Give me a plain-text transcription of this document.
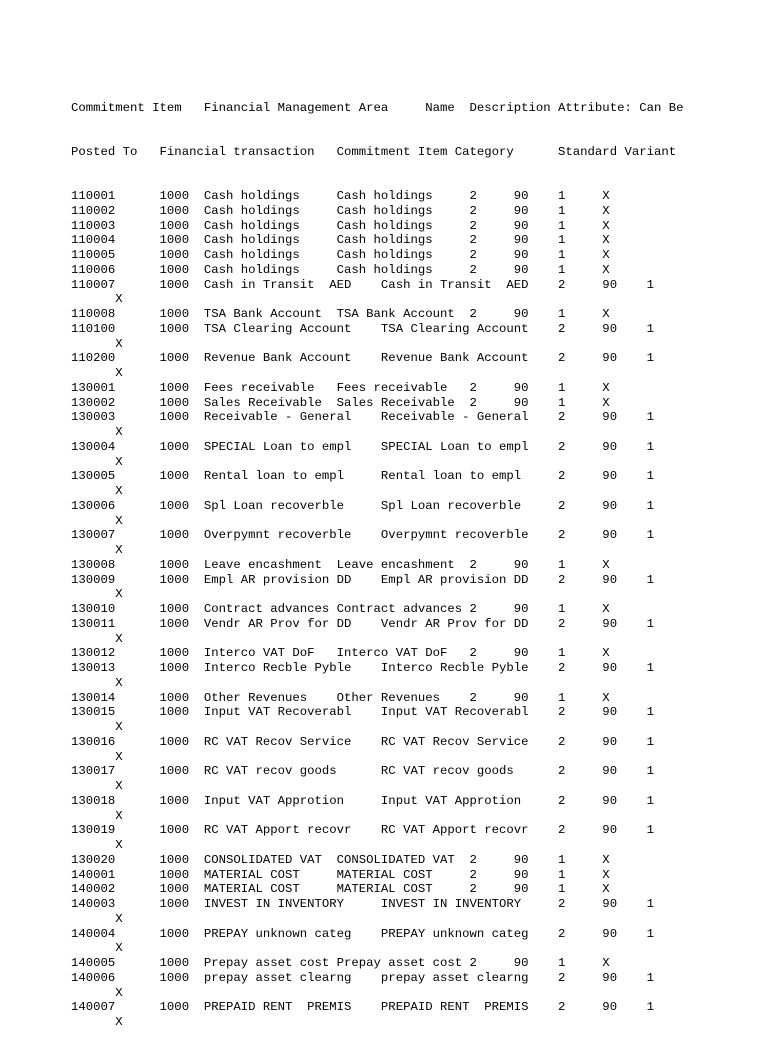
Commitment Item   Financial Management Area     Name  Description Attribute: Can Be

Posted To   Financial transaction   Commitment Item Category      Standard Variant

110001      1000  Cash holdings     Cash holdings     2     90    1     X
110002      1000  Cash holdings     Cash holdings     2     90    1     X
110003      1000  Cash holdings     Cash holdings     2     90    1     X
110004      1000  Cash holdings     Cash holdings     2     90    1     X
110005      1000  Cash holdings     Cash holdings     2     90    1     X
110006      1000  Cash holdings     Cash holdings     2     90    1     X
110007      1000  Cash in Transit  AED    Cash in Transit  AED    2     90    1
X
110008      1000  TSA Bank Account  TSA Bank Account  2     90    1     X
110100      1000  TSA Clearing Account    TSA Clearing Account    2     90    1
X
110200      1000  Revenue Bank Account    Revenue Bank Account    2     90    1
X
130001      1000  Fees receivable   Fees receivable   2     90    1     X
130002      1000  Sales Receivable  Sales Receivable  2     90    1     X
130003      1000  Receivable - General    Receivable - General    2     90    1
X
130004      1000  SPECIAL Loan to empl    SPECIAL Loan to empl    2     90    1
X
130005      1000  Rental loan to empl     Rental loan to empl     2     90    1
X
130006      1000  Spl Loan recoverble     Spl Loan recoverble     2     90    1
X
130007      1000  Overpymnt recoverble    Overpymnt recoverble    2     90    1
X
130008      1000  Leave encashment  Leave encashment  2     90    1     X
130009      1000  Empl AR provision DD    Empl AR provision DD    2     90    1
X
130010      1000  Contract advances Contract advances 2     90    1     X
130011      1000  Vendr AR Prov for DD    Vendr AR Prov for DD    2     90    1
X
130012      1000  Interco VAT DoF   Interco VAT DoF   2     90    1     X
130013      1000  Interco Recble Pyble    Interco Recble Pyble    2     90    1
X
130014      1000  Other Revenues    Other Revenues    2     90    1     X
130015      1000  Input VAT Recoverabl    Input VAT Recoverabl    2     90    1
X
130016      1000  RC VAT Recov Service    RC VAT Recov Service    2     90    1
X
130017      1000  RC VAT recov goods      RC VAT recov goods      2     90    1
X
130018      1000  Input VAT Approtion     Input VAT Approtion     2     90    1
X
130019      1000  RC VAT Apport recovr    RC VAT Apport recovr    2     90    1
X
130020      1000  CONSOLIDATED VAT  CONSOLIDATED VAT  2     90    1     X
140001      1000  MATERIAL COST     MATERIAL COST     2     90    1     X
140002      1000  MATERIAL COST     MATERIAL COST     2     90    1     X
140003      1000  INVEST IN INVENTORY     INVEST IN INVENTORY     2     90    1
X
140004      1000  PREPAY unknown categ    PREPAY unknown categ    2     90    1
X
140005      1000  Prepay asset cost Prepay asset cost 2     90    1     X
140006      1000  prepay asset clearng    prepay asset clearng    2     90    1
X
140007      1000  PREPAID RENT  PREMIS    PREPAID RENT  PREMIS    2     90    1
X
